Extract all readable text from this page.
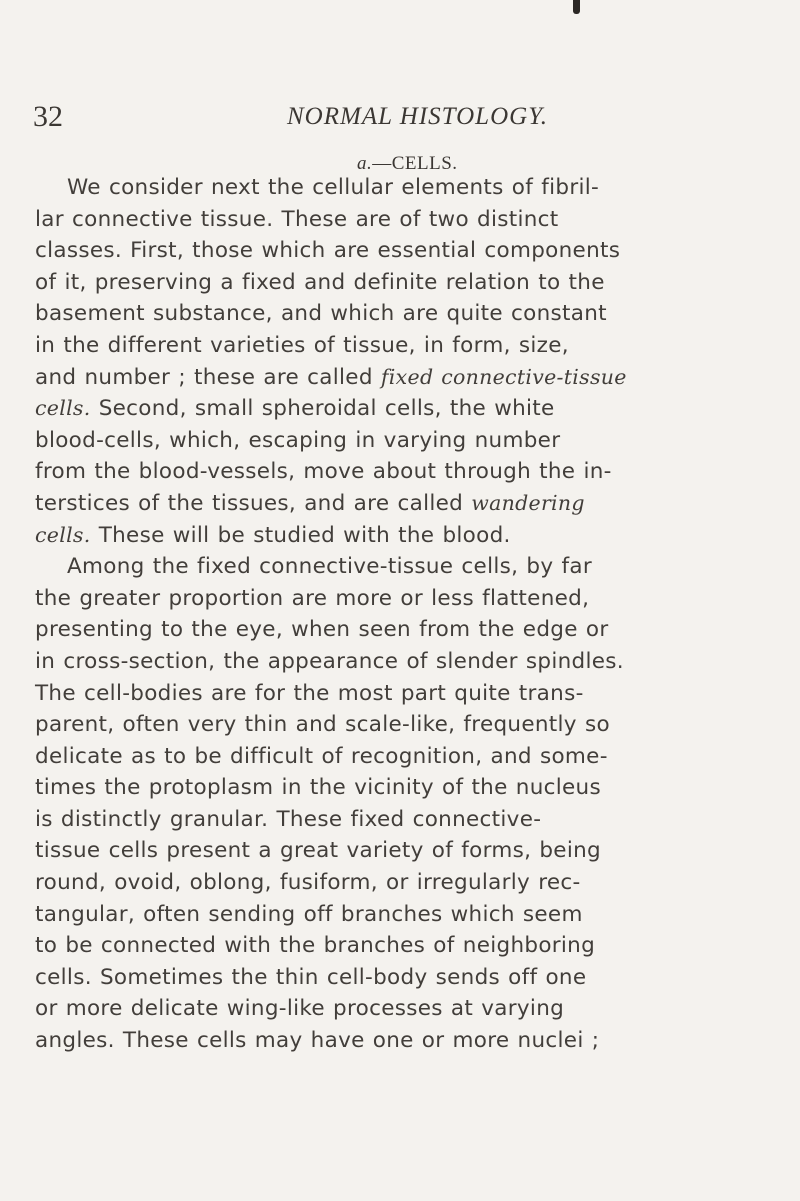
32	NORMAL HISTOLOGY.
a.—CELLS.
We consider next the cellular elements of fibril-
lar connective tissue. These are of two distinct
classes. First, those which are essential components
of it, preserving a fixed and definite relation to the
basement substance, and which are quite constant
in the different varieties of tissue, in form, size,
and number ; these are called fixed connective-tissue
cells. Second, small spheroidal cells, the white
blood-cells, which, escaping in varying number
from the blood-vessels, move about through the in-
terstices of the tissues, and are called wandering
cells. These will be studied with the blood.
Among the fixed connective-tissue cells, by far
the greater proportion are more or less flattened,
presenting to the eye, when seen from the edge or
in cross-section, the appearance of slender spindles.
The cell-bodies are for the most part quite trans-
parent, often very thin and scale-like, frequently so
delicate as to be difficult of recognition, and some-
times the protoplasm in the vicinity of the nucleus
is distinctly granular. These fixed connective-
tissue cells present a great variety of forms, being
round, ovoid, oblong, fusiform, or irregularly rec-
tangular, often sending off branches which seem
to be connected with the branches of neighboring
cells. Sometimes the thin cell-body sends off one
or more delicate wing-like processes at varying
angles. These cells may have one or more nuclei ;
